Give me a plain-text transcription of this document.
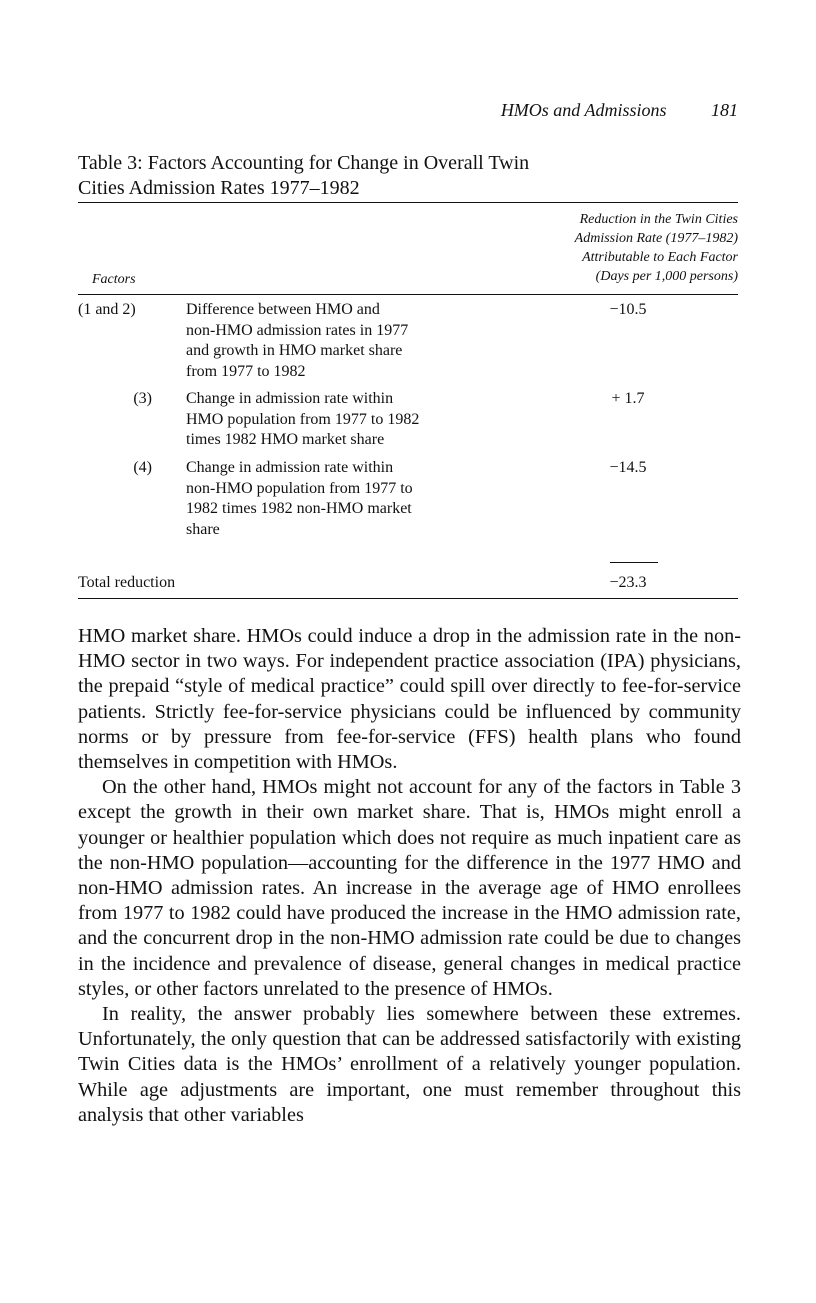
HMOs and Admissions 181
Table 3: Factors Accounting for Change in Overall Twin
Cities Admission Rates 1977–1982
Reduction in the Twin Cities
Admission Rate (1977–1982)
Attributable to Each Factor
(Days per 1,000 persons)
Factors
(1 and 2)	Difference between HMO and
non-HMO admission rates in 1977
and growth in HMO market share
from 1977 to 1982
−10.5
(3) Change in admission rate within
HMO population from 1977 to 1982
times 1982 HMO market share
+ 1.7
(4) Change in admission rate within
non-HMO population from 1977 to
1982 times 1982 non-HMO market
share
−14.5
Total reduction	−23.3

HMO market share. HMOs could induce a drop in the admission rate in the non-HMO sector in two ways. For independent practice association (IPA) physicians, the prepaid “style of medical practice” could spill over directly to fee-for-service patients. Strictly fee-for-service physicians could be influenced by community norms or by pressure from fee-for-service (FFS) health plans who found themselves in competition with HMOs.

On the other hand, HMOs might not account for any of the factors in Table 3 except the growth in their own market share. That is, HMOs might enroll a younger or healthier population which does not require as much inpatient care as the non-HMO population—accounting for the difference in the 1977 HMO and non-HMO admission rates. An increase in the average age of HMO enrollees from 1977 to 1982 could have produced the increase in the HMO admission rate, and the concurrent drop in the non-HMO admission rate could be due to changes in the incidence and prevalence of disease, general changes in medical practice styles, or other factors unrelated to the presence of HMOs.

In reality, the answer probably lies somewhere between these extremes. Unfortunately, the only question that can be addressed satisfactorily with existing Twin Cities data is the HMOs’ enrollment of a relatively younger population. While age adjustments are important, one must remember throughout this analysis that other variables
